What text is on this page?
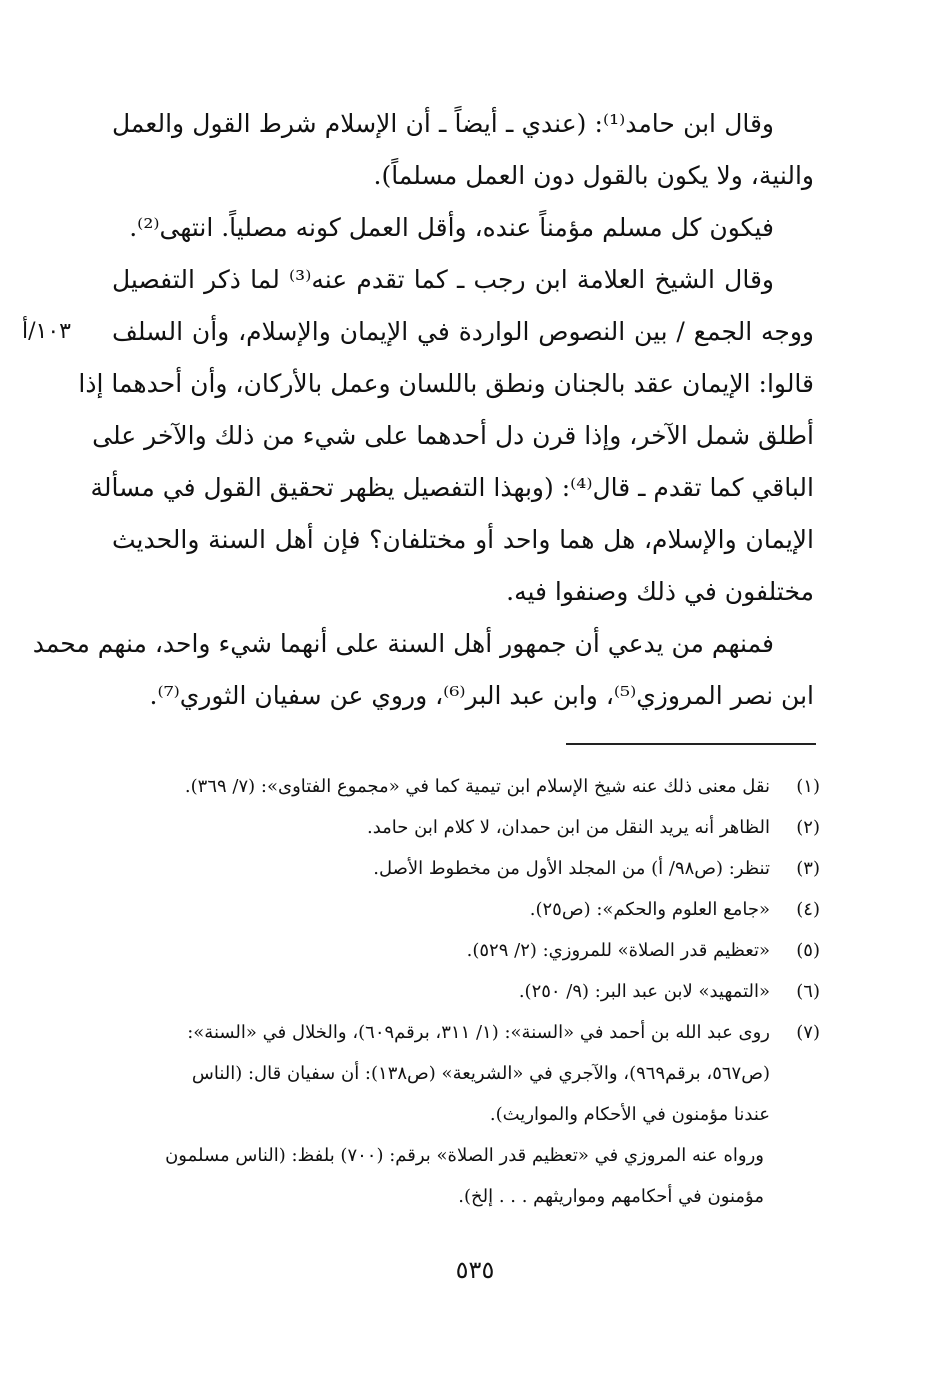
وقال ابن حامد⁽¹⁾: (عندي ـ أيضاً ـ أن الإسلام شرط القول والعمل
والنية، ولا يكون بالقول دون العمل مسلماً).
فيكون كل مسلم مؤمناً عنده، وأقل العمل كونه مصلياً. انتهى⁽²⁾.
وقال الشيخ العلامة ابن رجب ـ كما تقدم عنه⁽³⁾ لما ذكر التفصيل
ووجه الجمع / بين النصوص الواردة في الإيمان والإسلام، وأن السلف
قالوا: الإيمان عقد بالجنان ونطق باللسان وعمل بالأركان، وأن أحدهما إذا
أطلق شمل الآخر، وإذا قرن دل أحدهما على شيء من ذلك والآخر على
الباقي كما تقدم ـ قال⁽⁴⁾: (وبهذا التفصيل يظهر تحقيق القول في مسألة
الإيمان والإسلام، هل هما واحد أو مختلفان؟ فإن أهل السنة والحديث
مختلفون في ذلك وصنفوا فيه.
فمنهم من يدعي أن جمهور أهل السنة على أنهما شيء واحد، منهم محمد
ابن نصر المروزي⁽⁵⁾، وابن عبد البر⁽⁶⁾، وروي عن سفيان الثوري⁽⁷⁾.
١٠٣/أ
(١)
نقل معنى ذلك عنه شيخ الإسلام ابن تيمية كما في «مجموع الفتاوى»: (٧/ ٣٦٩).
(٢)
الظاهر أنه يريد النقل من ابن حمدان، لا كلام ابن حامد.
(٣)
تنظر: (ص٩٨/ أ) من المجلد الأول من مخطوط الأصل.
(٤)
«جامع العلوم والحكم»: (ص٢٥).
(٥)
«تعظيم قدر الصلاة» للمروزي: (٢/ ٥٢٩).
(٦)
«التمهيد» لابن عبد البر: (٩/ ٢٥٠).
(٧)
روى عبد الله بن أحمد في «السنة»: (١/ ٣١١، برقم٦٠٩)، والخلال في «السنة»:
(ص٥٦٧، برقم٩٦٩)، والآجري في «الشريعة» (ص١٣٨): أن سفيان قال: (الناس
عندنا مؤمنون في الأحكام والمواريث).
ورواه عنه المروزي في «تعظيم قدر الصلاة» برقم: (٧٠٠) بلفظ: (الناس مسلمون
مؤمنون في أحكامهم ومواريثهم . . . إلخ).
٥٣٥
